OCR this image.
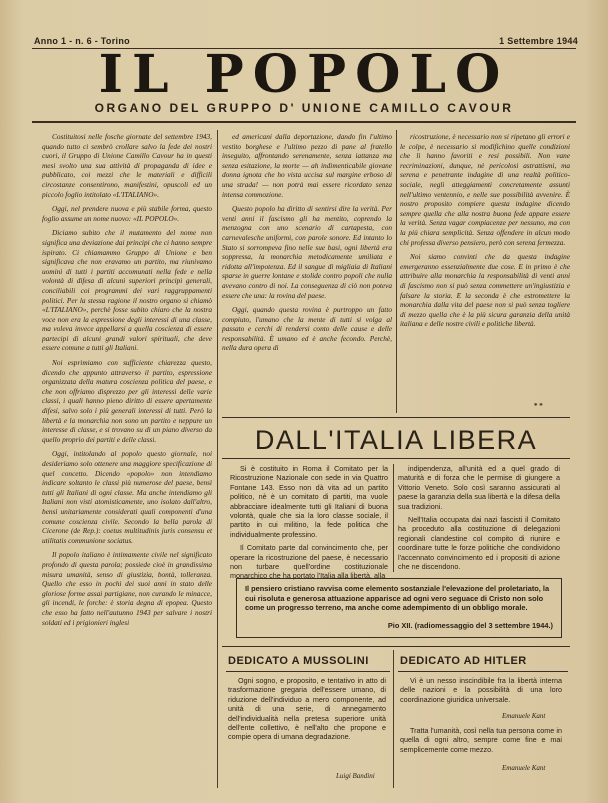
Anno 1 - n. 6 - Torino	1 Settembre 1944
IL POPOLO
ORGANO DEL GRUPPO D' UNIONE CAMILLO CAVOUR

Costituitosi nelle fosche giornate del settembre 1943, quando tutto ci sembrò crollare salvo la fede dei nostri cuori, il Gruppo di Unione Camillo Cavour ha in questi mesi svolto una sua attività di propaganda di idee e pubblicato, coi mezzi che le materiali e difficili circostanze consentirono, manifestini, opuscoli ed un piccolo foglio intitolato «L'ITALIANO».

Oggi, nel prendere nuova e più stabile forma, questo foglio assume un nome nuovo: «IL POPOLO».

Diciamo subito che il mutamento del nome non significa una deviazione dai principi che ci hanno sempre ispirato. Ci chiamammo Gruppo di Unione e ben significava che non eravamo un partito, ma riunivamo uomini di tutti i partiti accomunati nella fede e nella volontà di difesa di alcuni superiori principi generali, conciliabili coi programmi dei vari raggruppamenti politici. Per la stessa ragione il nostro organo si chiamò «L'ITALIANO», perchè fosse subito chiaro che la nostra voce non era la espressione degli interessi di una classe, ma voleva invece appellarsi a quella coscienza di essere partecipi di alcuni grandi valori spirituali, che deve essere comune a tutti gli Italiani.

Noi esprimiamo con sufficiente chiarezza questo, dicendo che appunto attraverso il partito, espressione organizzata della matura coscienza politica del paese, e che non offriamo disprezzo per gli interessi delle varie classi, i quali hanno pieno diritto di essere apertamente difesi, salvo solo i più generali interessi di tutti. Però la libertà e la monarchia non sono un partito e neppure un interesse di classe, e si trovano su di un piano diverso da quello proprio dei partiti e delle classi.

Oggi, intitolando al popolo questo giornale, noi desideriamo solo ottenere una maggiore specificazione di quel concetto. Dicendo «popolo» non intendiamo indicare soltanto le classi più numerose del paese, bensì tutti gli Italiani di ogni classe. Ma anche intendiamo gli Italiani non visti atomisticamente, uno isolato dall'altro, bensì unitariamente considerati quali componenti d'una comune coscienza civile. Secondo la bella parola di Cicerone (de Rep.): coetus multitudinis juris consensu et utilitatis communione sociatus.

Il popolo italiano è intimamente civile nel significato profondo di questa parola; possiede cioè in grandissima misura umanità, senso di giustizia, bontà, tolleranza. Quello che esso in pochi dei suoi anni in stato delle gloriose forme assai partigiane, non curando le minacce, gli incendi, le forche: è storia degna di epopea. Questo che esso ha fatto nell'autunno 1943 per salvare i nostri soldati ed i prigionieri inglesi

ed americani dalla deportazione, dando fin l'ultimo vestito borghese e l'ultimo pezzo di pane al fratello inseguito, affrontando serenamente, senza iattanza ma senza esitazione, la morte — ah indimenticabile giovane donna ignota che ho vista uccisa sul margine erboso di una strada! — non potrà mai essere ricordato senza intensa commozione.

Questo popolo ha diritto di sentirsi dire la verità. Per venti anni il fascismo gli ha mentito, coprendo la menzogna con uno scenario di cartapesta, con carnevalesche uniformi, con parole sonore. Ed intanto lo Stato si sorrompeva fino nelle sue basi, ogni libertà era soppressa, la monarchia metodicamente umiliata e ridotta all'impotenza. Ed il sangue di migliaia di Italiani sparse in guerre lontane e stolide contro popoli che nulla avevano contro di noi. La conseguenza di ciò non poteva essere che una: la rovina del paese.

Oggi, quando questa rovina è purtroppo un fatto compiuto, l'umano che la mente di tutti si volga al passato e cerchi di rendersi conto delle cause e delle responsabilità. È umano ed è anche fecondo. Perchè, nella dura opera di

ricostruzione, è necessario non si ripetano gli errori e le colpe, è necessario si modifichino quelle condizioni che li hanno favoriti e resi possibili. Non vane recriminazioni, dunque, nè pericolosi astrattismi, ma serena e penetrante indagine di una realtà politico-sociale, negli atteggiamenti concretamente assunti nell'ultimo ventennio, e nelle sue possibilità avvenire. È nostro proposito compiere questa indagine dicendo sempre quella che alla nostra buona fede appare essere la verità. Senza vagar compiacenze per nessuno, ma con la più chiara semplicità. Senza offendere in alcun modo chi professa diverso pensiero, però con serena fermezza.

Noi siamo convinti che da questa indagine emergeranno essenzialmente due cose. E in primo è che attribuire alla monarchia la responsabilità di venti anni di fascismo non si può senza commettere un'ingiustizia e falsare la storia. E la seconda è che estromettere la monarchia dalla vita del paese non si può senza togliere di mezzo quella che è la più sicura garanzia della unità italiana e delle nostre civili e politiche libertà.

* *
DALL'ITALIA LIBERA

Si è costituito in Roma il Comitato per la Ricostruzione Nazionale con sede in via Quattro Fontane 143. Esso non dà vita ad un partito politico, nè è un comitato di partiti, ma vuole abbracciare idealmente tutti gli Italiani di buona volontà, quale che sia la loro classe sociale, il partito in cui militino, la fede politica che individualmente professino.

Il Comitato parte dal convincimento che, per operare la ricostruzione del paese, è necessario non turbare quell'ordine costituzionale monarchico che ha portato l'Italia alla libertà, alla

indipendenza, all'unità ed a quel grado di maturità e di forza che le permise di giungere a Vittorio Veneto. Solo così saranno assicurati al paese la garanzia della sua libertà e la difesa della sua tradizioni.

Nell'Italia occupata dai nazi fascisti il Comitato ha proceduto alla costituzione di delegazioni regionali clandestine col compito di riunire e coordinare tutte le forze politiche che condividono l'accennato convincimento ed i propositi di azione che ne discendono.

Il pensiero cristiano ravvisa come elemento sostanziale l'elevazione del proletariato, la cui risoluta e generosa attuazione apparisce ad ogni vero seguace di Cristo non solo come un progresso terreno, ma anche come adempimento di un obbligo morale.
Pio XII. (radiomessaggio del 3 settembre 1944.)
DEDICATO A MUSSOLINI

Ogni sogno, e proposito, e tentativo in atto di trasformazione gregaria dell'essere umano, di riduzione dell'individuo a mero componente, ad unità di una serie, di annegamento dell'individualità nella pretesa superiore unità dell'ente collettivo, è nell'alto che propone e compie opera di umana degradazione.

Luigi Bandini
DEDICATO AD HITLER

Vi è un nesso inscindibile fra la libertà interna delle nazioni e la possibilità di una loro coordinazione giuridica universale.

Emanuele Kant

Tratta l'umanità, così nella tua persona come in quella di ogni altro, sempre come fine e mai semplicemente come mezzo.

Emanuele Kant
